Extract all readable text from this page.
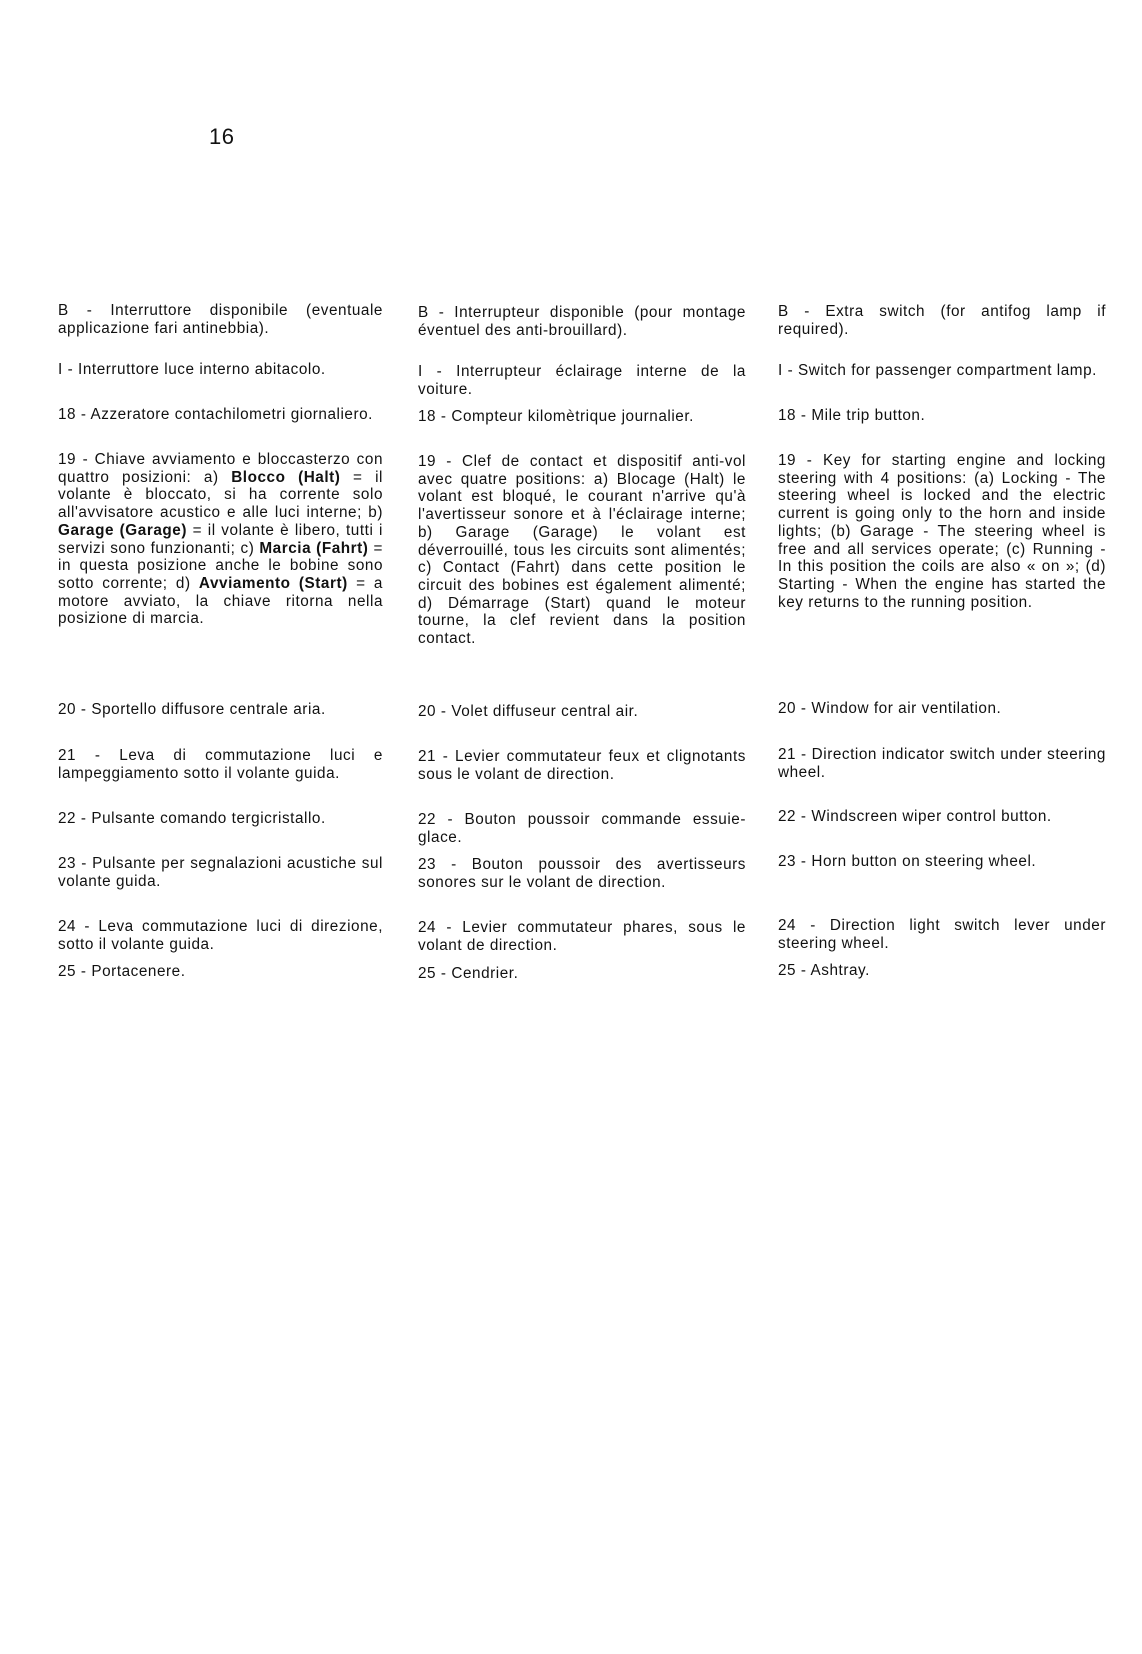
16

B - Interruttore disponibile (eventuale applicazione fari antinebbia).

I - Interruttore luce interno abitacolo.

18 - Azzeratore contachilometri giornaliero.

19 - Chiave avviamento e bloccasterzo con quattro posizioni: a) Blocco (Halt) = il volante è bloccato, si ha corrente solo all'avvisatore acustico e alle luci interne; b) Garage (Garage) = il volante è libero, tutti i servizi sono funzionanti; c) Marcia (Fahrt) = in questa posizione anche le bobine sono sotto corrente; d) Avviamento (Start) = a motore avviato, la chiave ritorna nella posizione di marcia.

20 - Sportello diffusore centrale aria.

21 - Leva di commutazione luci e lampeggiamento sotto il volante guida.

22 - Pulsante comando tergicristallo.

23 - Pulsante per segnalazioni acustiche sul volante guida.

24 - Leva commutazione luci di direzione, sotto il volante guida.

25 - Portacenere.

B - Interrupteur disponible (pour montage éventuel des anti-brouillard).

I - Interrupteur éclairage interne de la voiture.

18 - Compteur kilomètrique journalier.

19 - Clef de contact et dispositif anti-vol avec quatre positions: a) Blocage (Halt) le volant est bloqué, le courant n'arrive qu'à l'avertisseur sonore et à l'éclairage interne; b) Garage (Garage) le volant est déverrouillé, tous les circuits sont alimentés; c) Contact (Fahrt) dans cette position le circuit des bobines est également alimenté; d) Démarrage (Start) quand le moteur tourne, la clef revient dans la position contact.

20 - Volet diffuseur central air.

21 - Levier commutateur feux et clignotants sous le volant de direction.

22 - Bouton poussoir commande essuie-glace.

23 - Bouton poussoir des avertisseurs sonores sur le volant de direction.

24 - Levier commutateur phares, sous le volant de direction.

25 - Cendrier.

B - Extra switch (for antifog lamp if required).

I - Switch for passenger compartment lamp.

18 - Mile trip button.

19 - Key for starting engine and locking steering with 4 positions: (a) Locking - The steering wheel is locked and the electric current is going only to the horn and inside lights; (b) Garage - The steering wheel is free and all services operate; (c) Running - In this position the coils are also « on »; (d) Starting - When the engine has started the key returns to the running position.

20 - Window for air ventilation.

21 - Direction indicator switch under steering wheel.

22 - Windscreen wiper control button.

23 - Horn button on steering wheel.

24 - Direction light switch lever under steering wheel.

25 - Ashtray.
